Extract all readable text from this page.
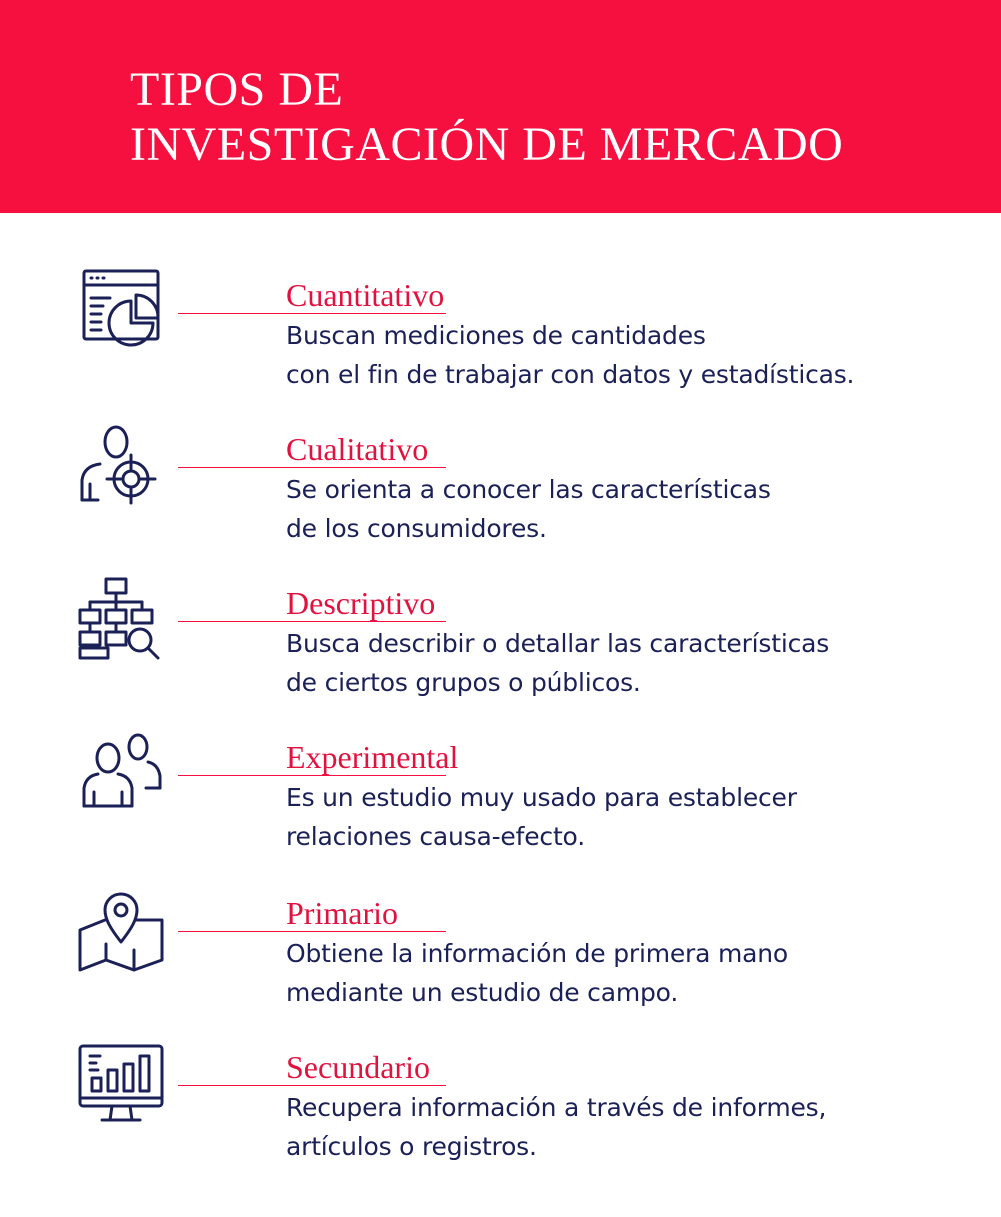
TIPOS DE
INVESTIGACIÓN DE MERCADO
Cuantitativo
Buscan mediciones de cantidades
con el fin de trabajar con datos y estadísticas.
Cualitativo
Se orienta a conocer las características
de los consumidores.
Descriptivo
Busca describir o detallar las características
de ciertos grupos o públicos.
Experimental
Es un estudio muy usado para establecer
relaciones causa-efecto.
Primario
Obtiene la información de primera mano
mediante un estudio de campo.
Secundario
Recupera información a través de informes,
artículos o registros.
